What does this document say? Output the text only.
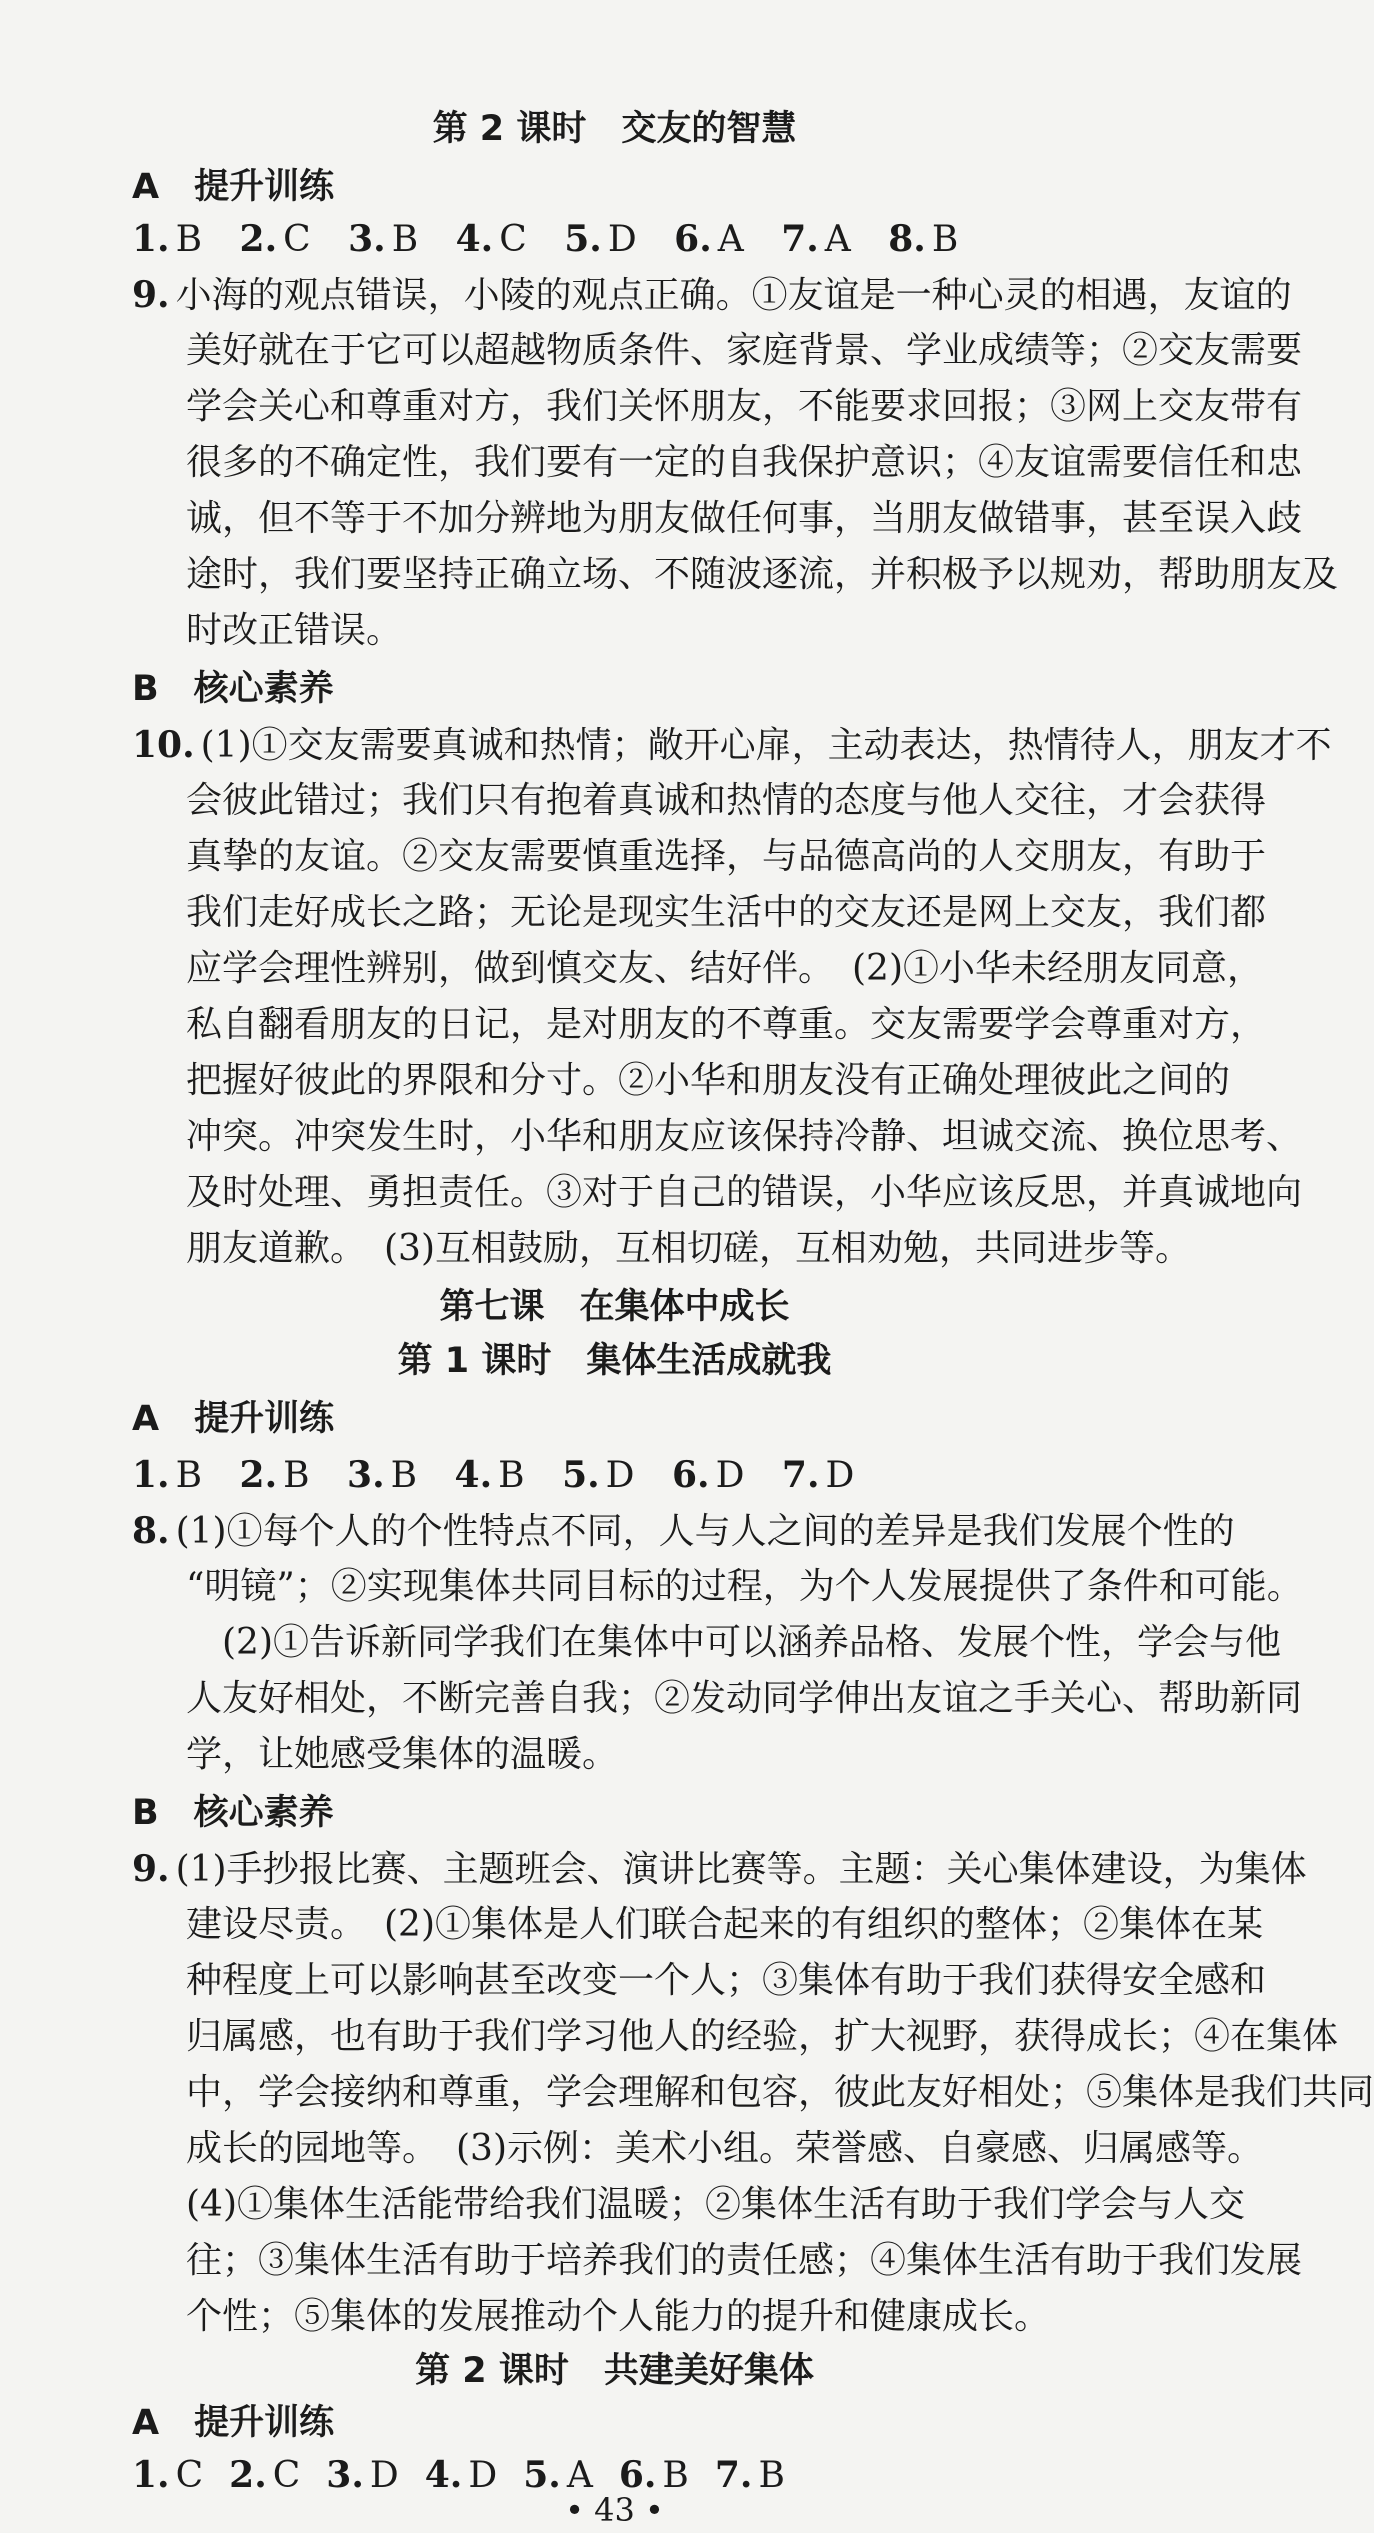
第 2 课时　交友的智慧
A　提升训练
1. B 2. C 3. B 4. C 5. D 6. A 7. A 8. B
9. 小海的观点错误，小陵的观点正确。①友谊是一种心灵的相遇，友谊的
美好就在于它可以超越物质条件、家庭背景、学业成绩等；②交友需要
学会关心和尊重对方，我们关怀朋友，不能要求回报；③网上交友带有
很多的不确定性，我们要有一定的自我保护意识；④友谊需要信任和忠
诚，但不等于不加分辨地为朋友做任何事，当朋友做错事，甚至误入歧
途时，我们要坚持正确立场、不随波逐流，并积极予以规劝，帮助朋友及
时改正错误。
B　核心素养
10. (1)①交友需要真诚和热情；敞开心扉，主动表达，热情待人，朋友才不
会彼此错过；我们只有抱着真诚和热情的态度与他人交往，才会获得
真挚的友谊。②交友需要慎重选择，与品德高尚的人交朋友，有助于
我们走好成长之路；无论是现实生活中的交友还是网上交友，我们都
应学会理性辨别，做到慎交友、结好伴。　(2)①小华未经朋友同意，
私自翻看朋友的日记，是对朋友的不尊重。交友需要学会尊重对方，
把握好彼此的界限和分寸。②小华和朋友没有正确处理彼此之间的
冲突。冲突发生时，小华和朋友应该保持冷静、坦诚交流、换位思考、
及时处理、勇担责任。③对于自己的错误，小华应该反思，并真诚地向
朋友道歉。　(3)互相鼓励，互相切磋，互相劝勉，共同进步等。
第七课　在集体中成长
第 1 课时　集体生活成就我
A　提升训练
1. B 2. B 3. B 4. B 5. D 6. D 7. D
8. (1)①每个人的个性特点不同，人与人之间的差异是我们发展个性的
“明镜”；②实现集体共同目标的过程，为个人发展提供了条件和可能。
(2)①告诉新同学我们在集体中可以涵养品格、发展个性，学会与他
人友好相处，不断完善自我；②发动同学伸出友谊之手关心、帮助新同
学，让她感受集体的温暖。
B　核心素养
9. (1)手抄报比赛、主题班会、演讲比赛等。主题：关心集体建设，为集体
建设尽责。　(2)①集体是人们联合起来的有组织的整体；②集体在某
种程度上可以影响甚至改变一个人；③集体有助于我们获得安全感和
归属感，也有助于我们学习他人的经验，扩大视野，获得成长；④在集体
中，学会接纳和尊重，学会理解和包容，彼此友好相处；⑤集体是我们共同
成长的园地等。　(3)示例：美术小组。荣誉感、自豪感、归属感等。
(4)①集体生活能带给我们温暖；②集体生活有助于我们学会与人交
往；③集体生活有助于培养我们的责任感；④集体生活有助于我们发展
个性；⑤集体的发展推动个人能力的提升和健康成长。
第 2 课时　共建美好集体
A　提升训练
1. C 2. C 3. D 4. D 5. A 6. B 7. B
• 43 •
